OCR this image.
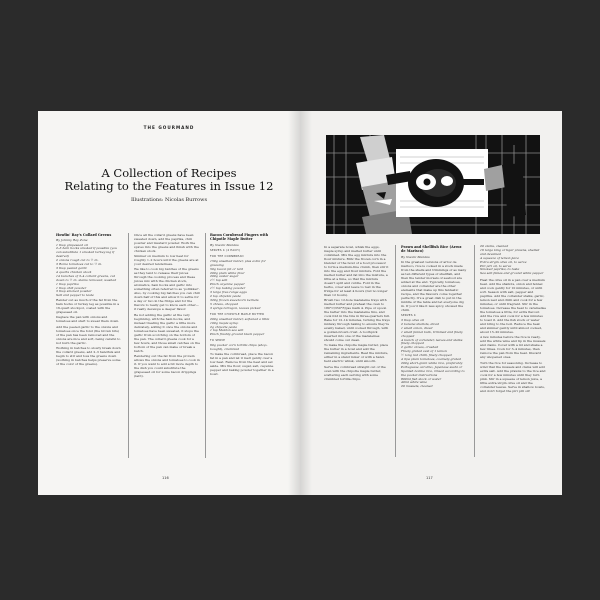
THE GOURMAND
A Collection of Recipes
Relating to the Features in Issue 12
Illustrations: Nicolas Burrows

Howlin' Ray's Collard Greens

By Johnny Ray Zone

1 tbsp grapeseed oil
2–3 ham hocks smoked if possible (you can substitute 1 smoked turkey leg if desired)
2 onions rough cut to ½ in.
3 Roma tomatoes cut to ½ in.
3 tbsp peeled garlic
4 quarts chicken stock
14 bunches of 3–4 collard greens, cut down to ½ in. stems removed, washed
1 tbsp paprika
1 tbsp chili powder
3 tbsp smoked powder
Salt and pepper to taste

Render out as much of the fat from the ham hocks or turkey leg as possible in a 16-quart stockpot, coated with the grapeseed oil.

Deglaze the pan with onions and tomatoes and start to sweat them down.

Add the peeled garlic to the onions and tomatoes once the fond (the brown bits) of the pan has been removed and the onions are nice and soft, being careful to not burn the garlic.

Working in batches to slowly break down the collard greens, add 2–3 handfuls and begin to stir and toss the greens down (working in batches helps preserve some of the color of the greens).

Once all the collard greens have been sweated down, add the paprika, chili powder and mustard powder. Work the spices into the greens and finish with the chicken stock.

Simmer on medium to low heat for roughly 1–2 hours until the greens are at your desired tenderness.

We like to cook big batches of the greens as they tend to release their juices through the cooking process and these juices mix with the chicken stock, aromatics, ham hocks and garlic into something often referred to as 'potlikker'. Also, by cooking big batches you can chill down half of this and allow it to settle for a day or two in the fridge and for the flavors to really get to know each other—it really develops a deeper flavor.

Be not adding the garlic at the very beginning, with the ham hocks, and instead treating the garlic a little more delicately, adding it once the onions and tomatoes have been sweated, it stops the garlic from scorching on the bottom of the pan. The collard greens cook for a few hours, and those small catches on the bottom of the pan can make or break a batch.

Rendering out the fat from the protein allows the onions and tomatoes to cook in it. If you want to add a bit more depth to the dish you could substitute the grapeseed oil for some bacon drippings (lard).

Bacon Cornbread Fingers with Chipotle Maple Butter

By Naomi Mendes

SERVES 4 (4 EACH)

FOR THE CORNBREAD

150g unsalted butter, plus extra for greasing
50g bacon fat or lard
200g plain white flour
200g caster sugar
1½ tsp salt
Pinch cayenne pepper
1½ tsp baking powder
3 large free-range eggs
2 tsp chipotle paste
320g frozen sweetcorn kernels
5 chives, chopped
3 sprigs tarragon, leaves picked

FOR THE CHIPOTLE MAPLE BUTTER

200g unsalted butter, softened a little
100g maple syrup
2g chipotle paste
1 tsp Maldon sea salt
Pinch freshly ground black pepper

TO SERVE

60g pucker corn tortilla chips (shop-bought), crumbled

To make the cornbread, place the bacon fat in a pan and let it melt gently over a low heat. Remove from the heat and set aside. Mix the flour, sugar, salt, cayenne pepper and baking powder together in a bowl.

116

In a separate bowl, whisk the eggs, maple syrup and melted butter until combined. Mix the egg mixture into the flour mixture. Blitz the frozen corn in a blender or the bowl of a food processor to form a medium-fine crumb, then stir it into the egg and flour mixture. Fold the melted butter and fat into the mixture, a little at a time, so that the mixture doesn't split and curdle. Fold in the herbs, cover and leave to rest in the fridge for at least 4 hours (but no longer than 12 hours).

Brush two 12-hole madeleine trays with melted butter and preheat the oven to 180°C/350°F/gas mark 4. Pipe or spoon the batter into the madeleine tins, and cook fold in the tins in three-quarters full. Bake for 12–14 minutes, turning the trays midway through baking to ensure they're evenly baked, until cooked through, with a golden-brown crust. A toothpick inserted into one of the madeleines should come out clean.

To make the chipotle maple butter, place the butter in a bowl and add the remaining ingredients. Beat the mixture, either in a stand mixer or with a hand-held electric whisk, until smooth.

Serve the cornbread straight out of the oven with the chipotle maple butter, scattering each serving with some crumbled tortilla chips.

Prawn and Shellfish Rice (Arroz de Marisco)

By Naomi Mendes

In the greatest versions of arroz de marisco, rice is cooked in a stock made from the shells and trimmings of as many as ten different types of shellfish, and then the tender morsels of seafood are added at the end. Typically, tomatoes, onions and coriander are the other elements that make up this fantastic recipe, and the flavours come together perfectly. It's a great dish to put in the middle of the table and let everyone dig in. If you'd like it less spicy, showed the chilli.

SERVES 4

3 tbsp olive oil
2 banana shallots, diced
1 small onion, diced
1 small fennel bulb, trimmed and finely chopped
A bunch of coriander, leaves and stalks finely chopped
2 garlic cloves, crushed
Finely grated zest of 1 lemon
½ long red chilli, finely chopped
4 ripe plum tomatoes, coarsely grated
200g short-grain white rice, preferably Portuguese carolino, Japanese sushi or Spanish bomba rice, rinsed according to the packet instructions
800ml fish stock or water
40ml white wine
20 mussels, cleaned
20 clams, cleaned
16 large king or tiger prawns, shelled and deveined
A squeeze of lemon juice
Extra-virgin olive oil, to serve
Piri piri oil, to serve
Smoked paprika, to taste
Sea salt flakes and ground white pepper

Heat the olive oil in a pan over a medium heat. Add the shallots, onion and fennel and cook gently for 10 minutes, or until soft. Season with salt, pepper and paprika. Add the coriander stalks, garlic, lemon zest and chilli and cook for a few minutes, or until fragrant. Stir in the tomatoes. Increase the heat to caramelise the tomatoes a little, for extra flavour. Add the rice and cook for a few minutes to toast it. Add the fish stock or water and bring to the boil. Reduce the heat and simmer gently until almost cooked, about 15–20 minutes.

A few minutes before the rice is ready, add the white wine and tip in the mussels and clams. Cover with a lid and shake a few times. Cook for 3–4 minutes, then remove the pan from the heat. Discard any unopened ones.

Turn the rice for seasoning. Increase to wind that the mussels and clams will add extra salt. Add the prawns to the rice and cook for a few minutes until they turn pink. Stir in a squeeze of lemon juice, a little extra-virgin olive oil and the coriander leaves. Serve in shallow bowls, and don't forget the piri piri oil!

117
